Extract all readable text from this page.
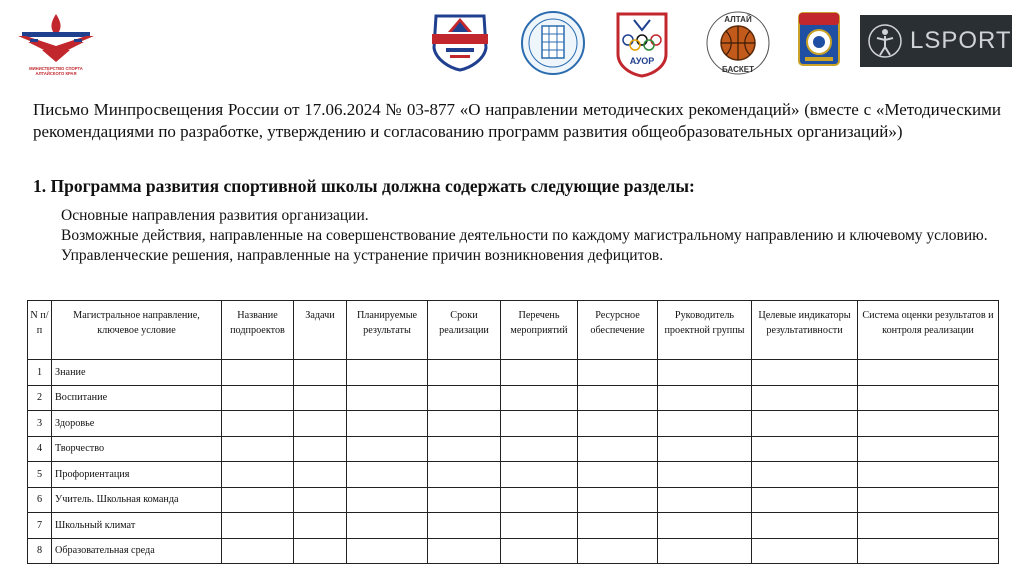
МИНИСТЕРСТВО СПОРТА
АЛТАЙСКОГО КРАЯ
АУОР
АЛТАЙ
БАСКЕТ
LSPORT

Письмо Минпросвещения России от 17.06.2024 № 03-877 «О направлении методических рекомендаций» (вместе с «Методическими рекомендациями по разработке, утверждению и согласованию программ развития общеобразовательных организаций»)

1. Программа развития спортивной школы должна содержать следующие разделы:

Основные направления развития организации.

Возможные действия, направленные на совершенствование деятельности по каждому магистральному направлению и ключевому условию.

Управленческие решения, направленные на устранение причин возникновения дефицитов.

N п/п	Магистральное направление, ключевое условие	Название подпроектов	Задачи	Планируемые результаты	Сроки реализации	Перечень мероприятий	Ресурсное обеспечение	Руководитель проектной группы	Целевые индикаторы результативности	Система оценки результатов и контроля реализации
1	Знание									
2	Воспитание									
3	Здоровье									
4	Творчество									
5	Профориентация									
6	Учитель. Школьная команда									
7	Школьный климат									
8	Образовательная среда									
